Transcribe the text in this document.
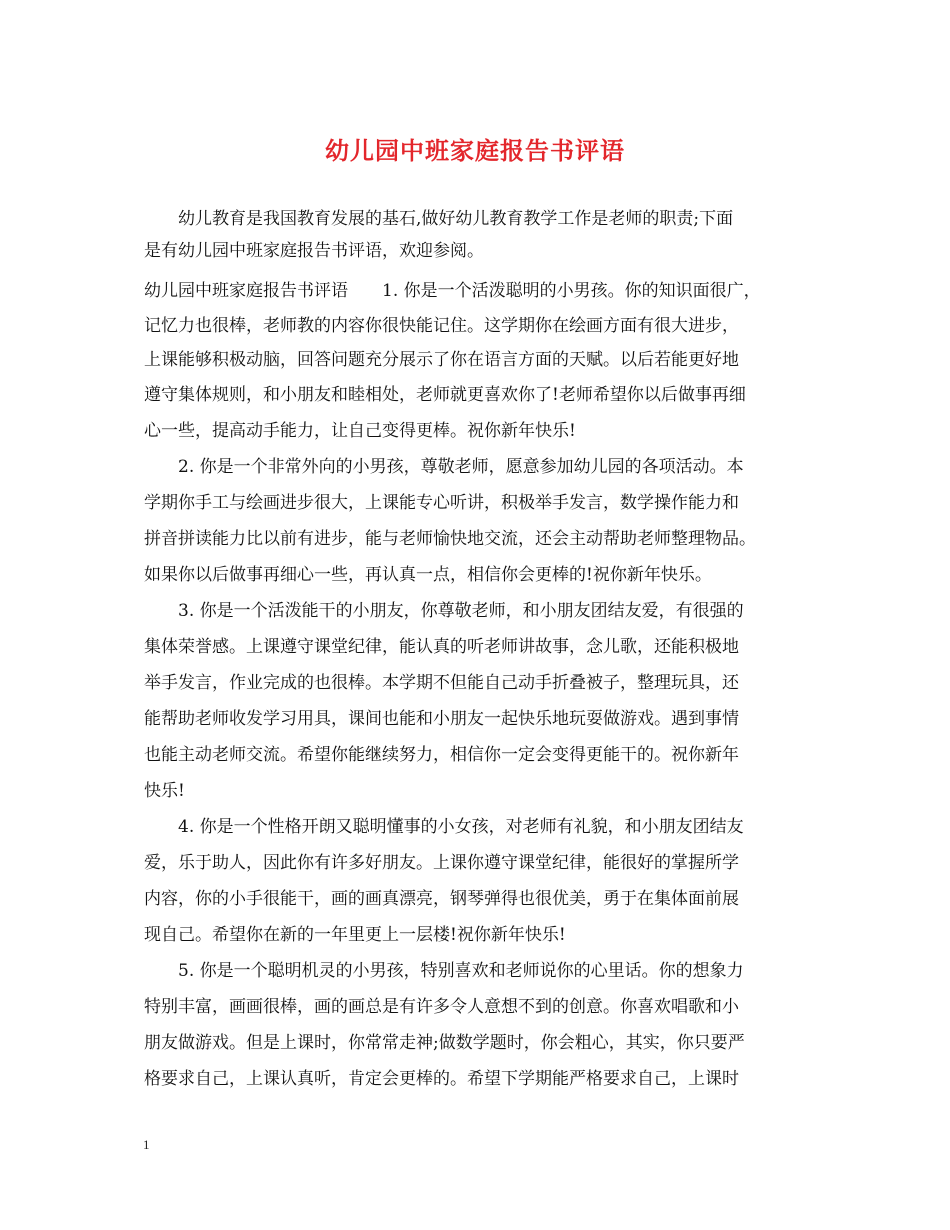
幼儿园中班家庭报告书评语

幼儿教育是我国教育发展的基石,做好幼儿教育教学工作是老师的职责;下面

是有幼儿园中班家庭报告书评语，欢迎参阅。

幼儿园中班家庭报告书评语　　1. 你是一个活泼聪明的小男孩。你的知识面很广，

记忆力也很棒，老师教的内容你很快能记住。这学期你在绘画方面有很大进步，

上课能够积极动脑，回答问题充分展示了你在语言方面的天赋。以后若能更好地

遵守集体规则，和小朋友和睦相处，老师就更喜欢你了!老师希望你以后做事再细

心一些，提高动手能力，让自己变得更棒。祝你新年快乐!

2. 你是一个非常外向的小男孩，尊敬老师，愿意参加幼儿园的各项活动。本

学期你手工与绘画进步很大，上课能专心听讲，积极举手发言，数学操作能力和

拼音拼读能力比以前有进步，能与老师愉快地交流，还会主动帮助老师整理物品。

如果你以后做事再细心一些，再认真一点，相信你会更棒的!祝你新年快乐。

3. 你是一个活泼能干的小朋友，你尊敬老师，和小朋友团结友爱，有很强的

集体荣誉感。上课遵守课堂纪律，能认真的听老师讲故事，念儿歌，还能积极地

举手发言，作业完成的也很棒。本学期不但能自己动手折叠被子，整理玩具，还

能帮助老师收发学习用具，课间也能和小朋友一起快乐地玩耍做游戏。遇到事情

也能主动老师交流。希望你能继续努力，相信你一定会变得更能干的。祝你新年

快乐!

4. 你是一个性格开朗又聪明懂事的小女孩，对老师有礼貌，和小朋友团结友

爱，乐于助人，因此你有许多好朋友。上课你遵守课堂纪律，能很好的掌握所学

内容，你的小手很能干，画的画真漂亮，钢琴弹得也很优美，勇于在集体面前展

现自己。希望你在新的一年里更上一层楼!祝你新年快乐!

5. 你是一个聪明机灵的小男孩，特别喜欢和老师说你的心里话。你的想象力

特别丰富，画画很棒，画的画总是有许多令人意想不到的创意。你喜欢唱歌和小

朋友做游戏。但是上课时，你常常走神;做数学题时，你会粗心，其实，你只要严

格要求自己，上课认真听，肯定会更棒的。希望下学期能严格要求自己，上课时

1
